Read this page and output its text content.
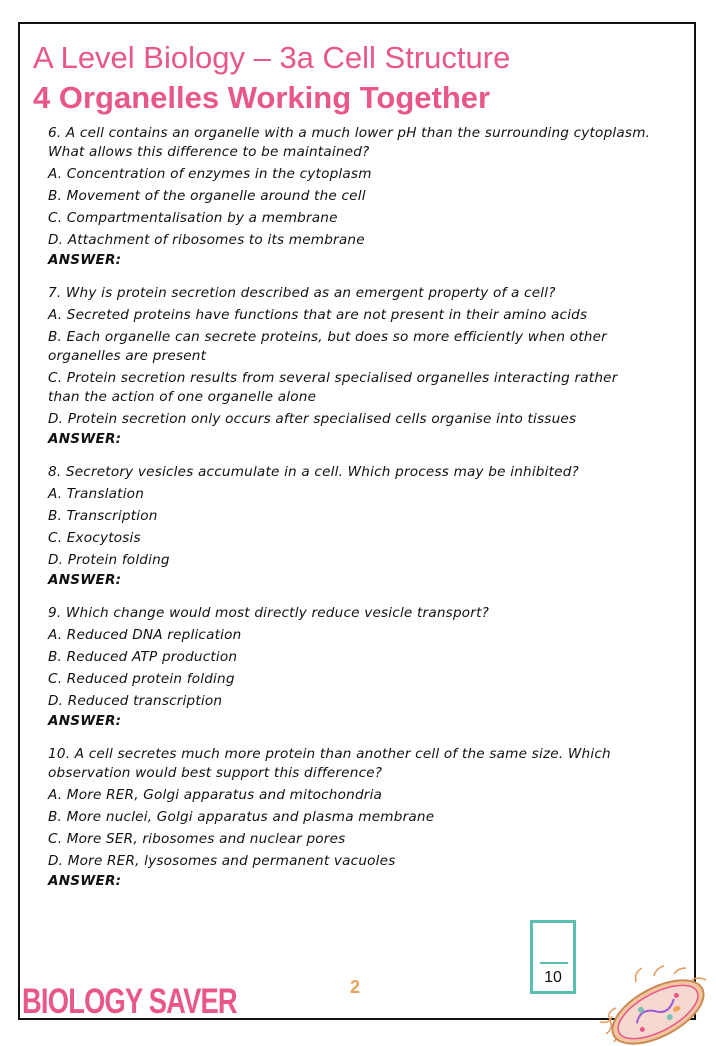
A Level Biology – 3a Cell Structure
4 Organelles Working Together

6. A cell contains an organelle with a much lower pH than the surrounding cytoplasm. What allows this difference to be maintained?

A. Concentration of enzymes in the cytoplasm

B. Movement of the organelle around the cell

C. Compartmentalisation by a membrane

D. Attachment of ribosomes to its membrane

ANSWER:

7. Why is protein secretion described as an emergent property of a cell?

A. Secreted proteins have functions that are not present in their amino acids

B. Each organelle can secrete proteins, but does so more efficiently when other organelles are present

C. Protein secretion results from several specialised organelles interacting rather than the action of one organelle alone

D. Protein secretion only occurs after specialised cells organise into tissues

ANSWER:

8. Secretory vesicles accumulate in a cell. Which process may be inhibited?

A. Translation

B. Transcription

C. Exocytosis

D. Protein folding

ANSWER:

9. Which change would most directly reduce vesicle transport?

A. Reduced DNA replication

B. Reduced ATP production

C. Reduced protein folding

D. Reduced transcription

ANSWER:

10. A cell secretes much more protein than another cell of the same size. Which observation would best support this difference?

A. More RER, Golgi apparatus and mitochondria

B. More nuclei, Golgi apparatus and plasma membrane

C. More SER, ribosomes and nuclear pores

D. More RER, lysosomes and permanent vacuoles

ANSWER:

10
2
BIOLOGY SAVER
